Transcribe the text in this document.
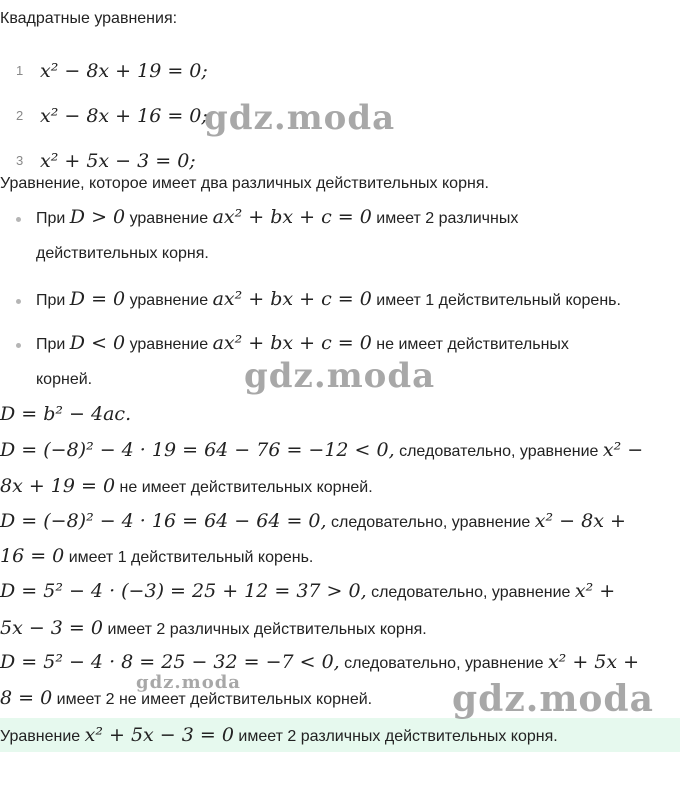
Квадратные уравнения:
1 x² − 8x + 19 = 0;
2 x² − 8x + 16 = 0;
3 x² + 5x − 3 = 0;
Уравнение, которое имеет два различных действительных корня.
При D > 0 уравнение ax² + bx + c = 0 имеет 2 различных
действительных корня.
При D = 0 уравнение ax² + bx + c = 0 имеет 1 действительный корень.
При D < 0 уравнение ax² + bx + c = 0 не имеет действительных
корней.
D = b² − 4ac.
D = (−8)² − 4 · 19 = 64 − 76 = −12 < 0, следовательно, уравнение x² −
8x + 19 = 0 не имеет действительных корней.
D = (−8)² − 4 · 16 = 64 − 64 = 0, следовательно, уравнение x² − 8x +
16 = 0 имеет 1 действительный корень.
D = 5² − 4 · (−3) = 25 + 12 = 37 > 0, следовательно, уравнение x² +
5x − 3 = 0 имеет 2 различных действительных корня.
D = 5² − 4 · 8 = 25 − 32 = −7 < 0, следовательно, уравнение x² + 5x +
8 = 0 имеет 2 не имеет действительных корней.
Уравнение x² + 5x − 3 = 0 имеет 2 различных действительных корня.
gdz.moda
gdz.moda
gdz.moda	gdz.moda
